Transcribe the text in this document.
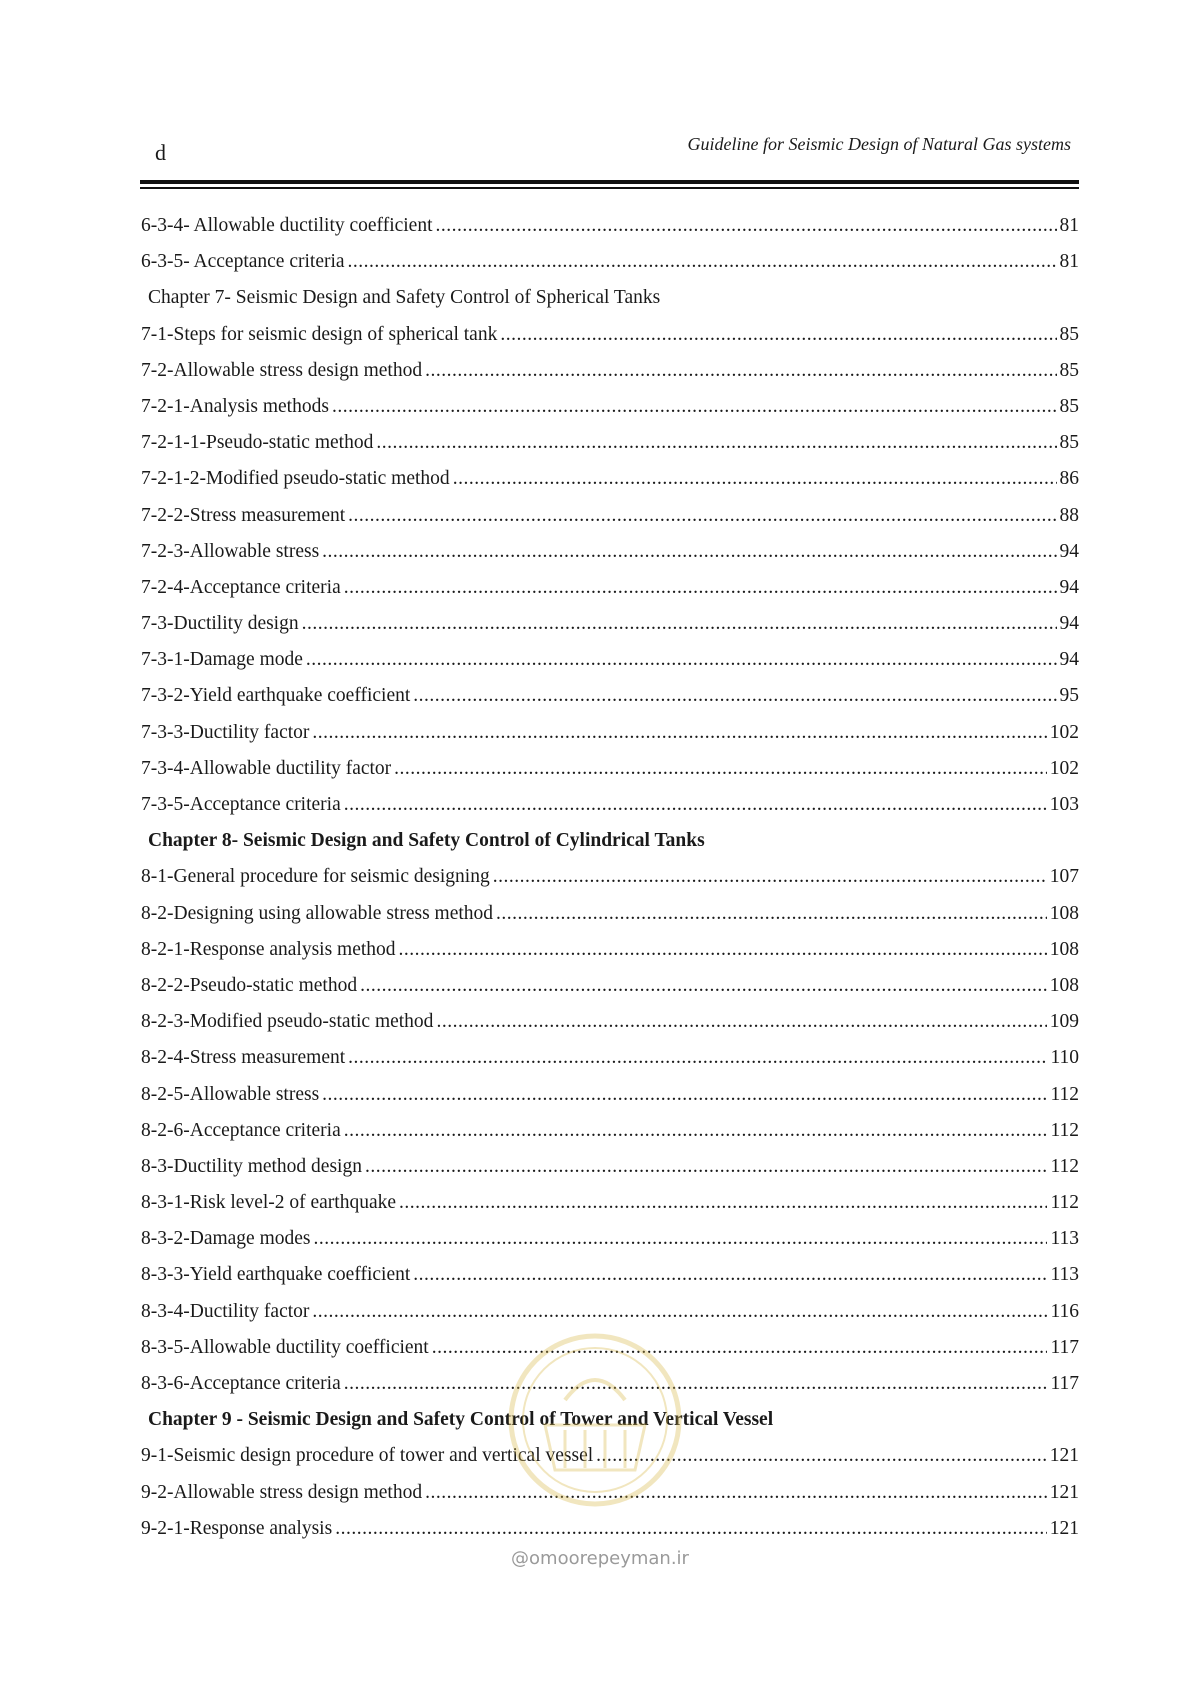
d	Guideline for Seismic Design of Natural Gas systems
6-3-4- Allowable ductility coefficient .....	81
6-3-5- Acceptance criteria .....	81
Chapter 7- Seismic Design and Safety Control of Spherical Tanks
7-1-Steps for seismic design of spherical tank .....	85
7-2-Allowable stress design method .....	85
7-2-1-Analysis methods .....	85
7-2-1-1-Pseudo-static method .....	85
7-2-1-2-Modified pseudo-static method .....	86
7-2-2-Stress measurement .....	88
7-2-3-Allowable stress .....	94
7-2-4-Acceptance criteria .....	94
7-3-Ductility design .....	94
7-3-1-Damage mode .....	94
7-3-2-Yield earthquake coefficient .....	95
7-3-3-Ductility factor .....	102
7-3-4-Allowable ductility factor .....	102
7-3-5-Acceptance criteria .....	103
Chapter 8- Seismic Design and Safety Control of Cylindrical Tanks
8-1-General procedure for seismic designing .....	107
8-2-Designing using allowable stress method .....	108
8-2-1-Response analysis method .....	108
8-2-2-Pseudo-static method .....	108
8-2-3-Modified pseudo-static method .....	109
8-2-4-Stress measurement .....	110
8-2-5-Allowable stress .....	112
8-2-6-Acceptance criteria .....	112
8-3-Ductility method design .....	112
8-3-1-Risk level-2 of earthquake .....	112
8-3-2-Damage modes .....	113
8-3-3-Yield earthquake coefficient .....	113
8-3-4-Ductility factor .....	116
8-3-5-Allowable ductility coefficient .....	117
8-3-6-Acceptance criteria .....	117
Chapter 9 - Seismic Design and Safety Control of Tower and Vertical Vessel
9-1-Seismic design procedure of tower and vertical vessel .....	121
9-2-Allowable stress design method .....	121
9-2-1-Response analysis .....	121
@omoorepeyman.ir
